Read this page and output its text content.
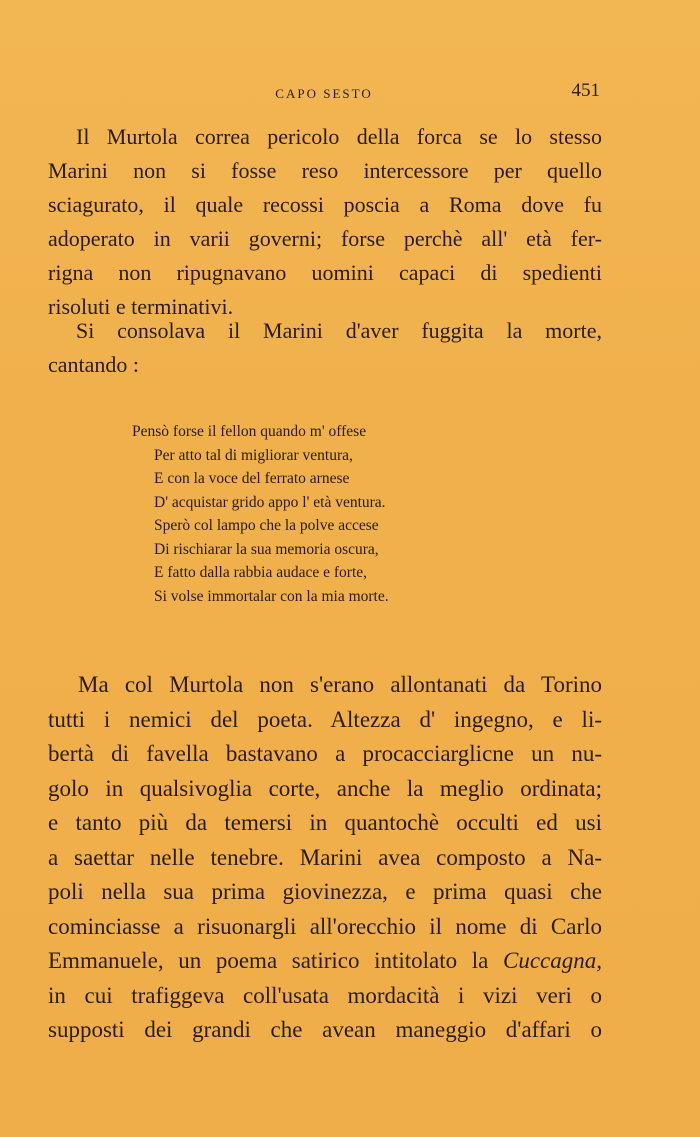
CAPO SESTO	451

Il Murtola correa pericolo della forca se lo stesso
Marini non si fosse reso intercessore per quello
sciagurato, il quale recossi poscia a Roma dove fu
adoperato in varii governi; forse perchè all' età fer-
rigna non ripugnavano uomini capaci di spedienti
risoluti e terminativi.

Si consolava il Marini d'aver fuggita la morte,
cantando :

Pensò forse il fellon quando m' offese
Per atto tal di migliorar ventura,
E con la voce del ferrato arnese
D' acquistar grido appo l' età ventura.
Sperò col lampo che la polve accese
Di rischiarar la sua memoria oscura,
E fatto dalla rabbia audace e forte,
Si volse immortalar con la mia morte.

Ma col Murtola non s'erano allontanati da Torino
tutti i nemici del poeta. Altezza d' ingegno, e li-
bertà di favella bastavano a procacciarglicne un nu-
golo in qualsivoglia corte, anche la meglio ordinata;
e tanto più da temersi in quantochè occulti ed usi
a saettar nelle tenebre. Marini avea composto a Na-
poli nella sua prima giovinezza, e prima quasi che
cominciasse a risuonargli all'orecchio il nome di Carlo
Emmanuele, un poema satirico intitolato la Cuccagna,
in cui trafiggeva coll'usata mordacità i vizi veri o
supposti dei grandi che avean maneggio d'affari o
